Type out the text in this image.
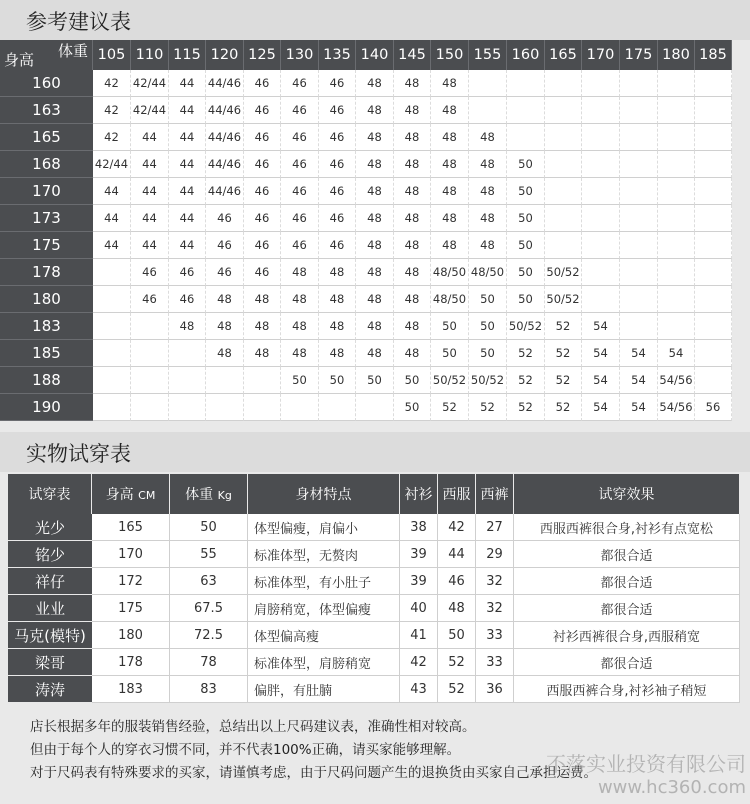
参考建议表
体重
身高	105	110	115	120	125	130	135	140	145	150	155	160	165	170	175	180	185
160	42	42/44	44	44/46	46	46	46	48	48	48							
163	42	42/44	44	44/46	46	46	46	48	48	48							
165	42	44	44	44/46	46	46	46	48	48	48	48						
168	42/44	44	44	44/46	46	46	46	48	48	48	48	50					
170	44	44	44	44/46	46	46	46	48	48	48	48	50					
173	44	44	44	46	46	46	46	48	48	48	48	50					
175	44	44	44	46	46	46	46	48	48	48	48	50					
178		46	46	46	46	48	48	48	48	48/50	48/50	50	50/52				
180		46	46	48	48	48	48	48	48	48/50	50	50	50/52				
183			48	48	48	48	48	48	48	50	50	50/52	52	54			
185				48	48	48	48	48	48	50	50	52	52	54	54	54	
188						50	50	50	50	50/52	50/52	52	52	54	54	54/56	
190									50	52	52	52	52	54	54	54/56	56
实物试穿表
试穿表	身高 CM	体重 Kg	身材特点	衬衫	西服	西裤	试穿效果
光少	165	50	体型偏瘦，肩偏小	38	42	27	西服西裤很合身,衬衫有点宽松
铭少	170	55	标准体型，无赘肉	39	44	29	都很合适
祥仔	172	63	标准体型，有小肚子	39	46	32	都很合适
业业	175	67.5	肩膀稍宽，体型偏瘦	40	48	32	都很合适
马克(模特)	180	72.5	体型偏高瘦	41	50	33	衬衫西裤很合身,西服稍宽
梁哥	178	78	标准体型，肩膀稍宽	42	52	33	都很合适
涛涛	183	83	偏胖，有肚腩	43	52	36	西服西裤合身,衬衫袖子稍短
店长根据多年的服装销售经验，总结出以上尺码建议表，准确性相对较高。
但由于每个人的穿衣习惯不同，并不代表100%正确，请买家能够理解。
对于尺码表有特殊要求的买家，请谨慎考虑，由于尺码问题产生的退换货由买家自己承担运费。
不落实业投资有限公司
www.hc360.com
